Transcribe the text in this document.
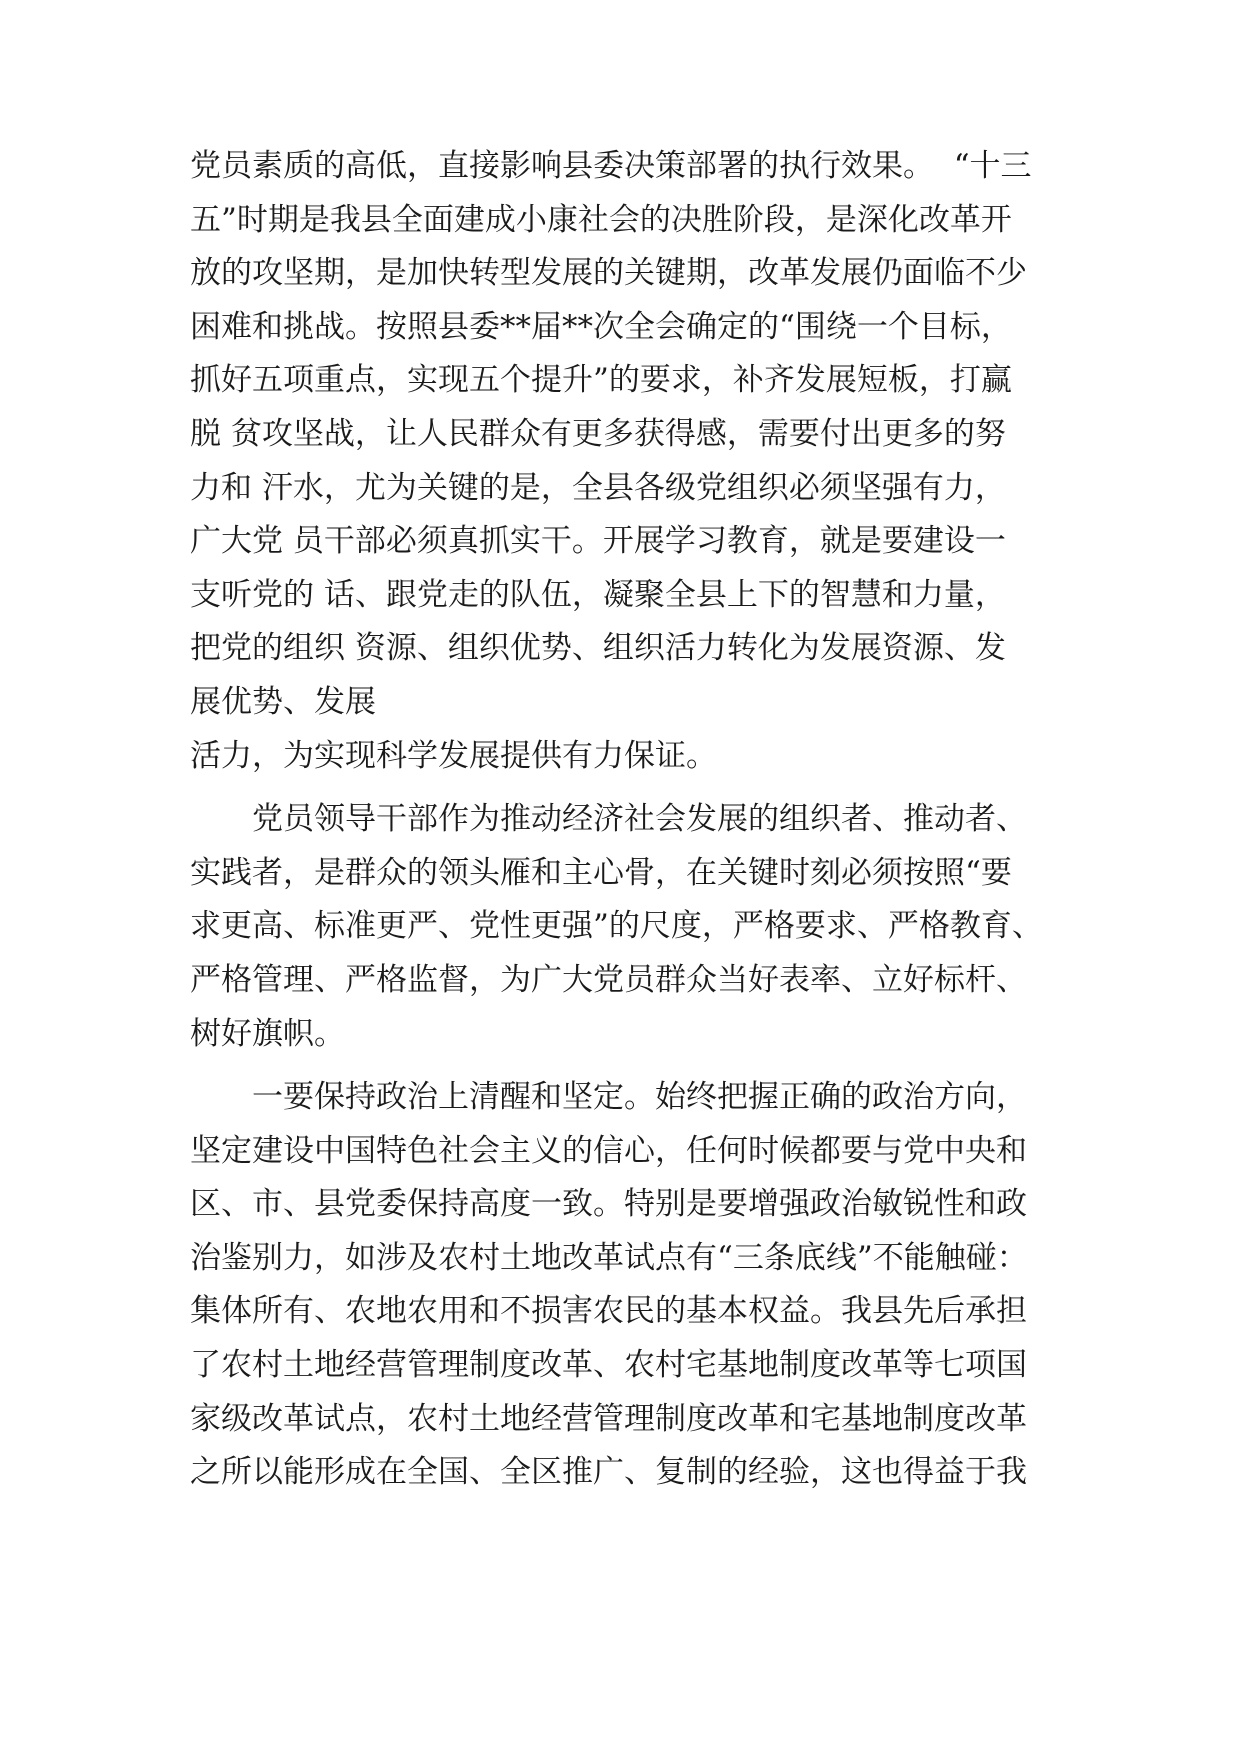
党员素质的高低，直接影响县委决策部署的执行效果。  “十三
五”时期是我县全面建成小康社会的决胜阶段，是深化改革开
放的攻坚期，是加快转型发展的关键期，改革发展仍面临不少
困难和挑战。按照县委**届**次全会确定的“围绕一个目标，
抓好五项重点，实现五个提升”的要求，补齐发展短板，打赢
脱 贫攻坚战，让人民群众有更多获得感，需要付出更多的努
力和 汗水，尤为关键的是，全县各级党组织必须坚强有力，
广大党 员干部必须真抓实干。开展学习教育，就是要建设一
支听党的 话、跟党走的队伍，凝聚全县上下的智慧和力量，
把党的组织 资源、组织优势、组织活力转化为发展资源、发
展优势、发展
活力，为实现科学发展提供有力保证。
　　党员领导干部作为推动经济社会发展的组织者、推动者、
实践者，是群众的领头雁和主心骨，在关键时刻必须按照“要
求更高、标准更严、党性更强”的尺度，严格要求、严格教育、
严格管理、严格监督，为广大党员群众当好表率、立好标杆、
树好旗帜。
　　一要保持政治上清醒和坚定。始终把握正确的政治方向，
坚定建设中国特色社会主义的信心，任何时候都要与党中央和
区、市、县党委保持高度一致。特别是要增强政治敏锐性和政
治鉴别力，如涉及农村土地改革试点有“三条底线”不能触碰：
集体所有、农地农用和不损害农民的基本权益。我县先后承担
了农村土地经营管理制度改革、农村宅基地制度改革等七项国
家级改革试点，农村土地经营管理制度改革和宅基地制度改革
之所以能形成在全国、全区推广、复制的经验，这也得益于我
